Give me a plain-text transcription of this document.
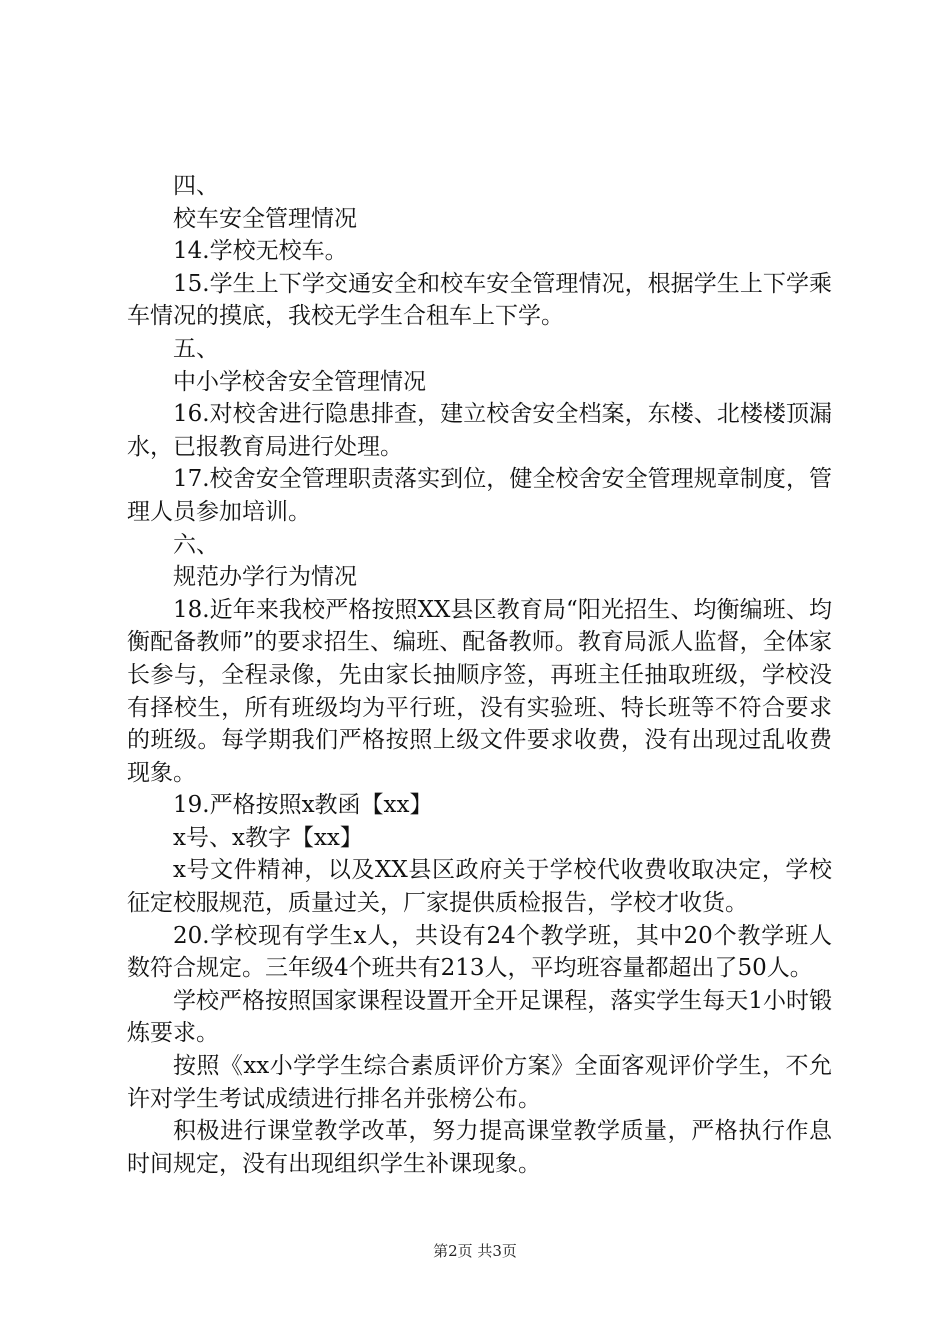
四、

校车安全管理情况

14.学校无校车。

15.学生上下学交通安全和校车安全管理情况，根据学生上下学乘车情况的摸底，我校无学生合租车上下学。

五、

中小学校舍安全管理情况

16.对校舍进行隐患排查，建立校舍安全档案，东楼、北楼楼顶漏水，已报教育局进行处理。

17.校舍安全管理职责落实到位，健全校舍安全管理规章制度，管理人员参加培训。

六、

规范办学行为情况

18.近年来我校严格按照XX县区教育局“阳光招生、均衡编班、均衡配备教师”的要求招生、编班、配备教师。教育局派人监督，全体家长参与，全程录像，先由家长抽顺序签，再班主任抽取班级，学校没有择校生，所有班级均为平行班，没有实验班、特长班等不符合要求的班级。每学期我们严格按照上级文件要求收费，没有出现过乱收费现象。

19.严格按照x教函【xx】

x号、x教字【xx】

x号文件精神，以及XX县区政府关于学校代收费收取决定，学校征定校服规范，质量过关，厂家提供质检报告，学校才收货。

20.学校现有学生x人，共设有24个教学班，其中20个教学班人数符合规定。三年级4个班共有213人，平均班容量都超出了50人。

学校严格按照国家课程设置开全开足课程，落实学生每天1小时锻炼要求。

按照《xx小学学生综合素质评价方案》全面客观评价学生，不允许对学生考试成绩进行排名并张榜公布。

积极进行课堂教学改革，努力提高课堂教学质量，严格执行作息时间规定，没有出现组织学生补课现象。

第2页 共3页
